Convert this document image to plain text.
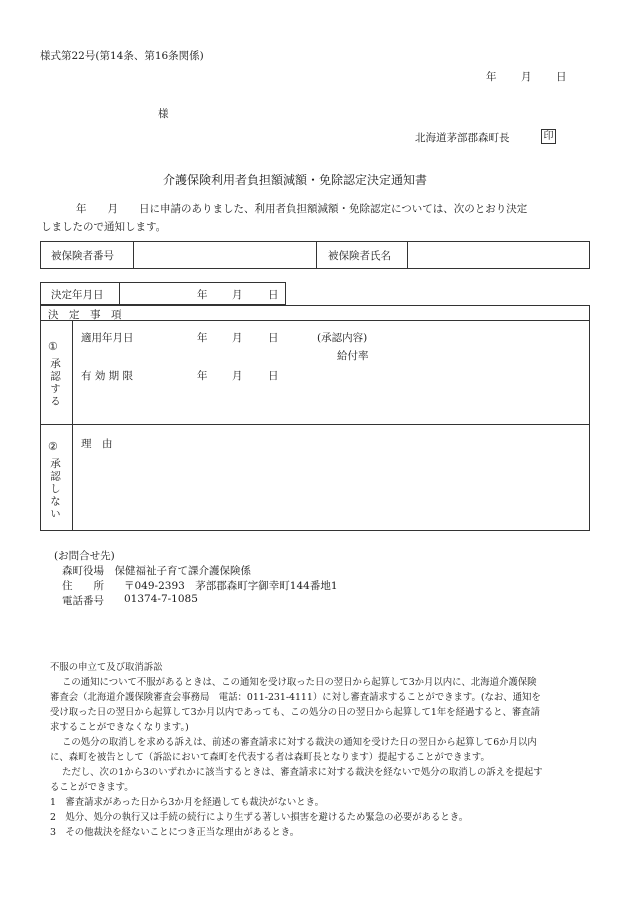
様式第22号(第14条、第16条関係)
年 月 日
様
北海道茅部郡森町長	印
介護保険利用者負担額減額・免除認定決定通知書
年　　月　　日に申請のありました、利用者負担額減額・免除認定については、次のとおり決定
しましたので通知します。
被保険者番号	被保険者氏名
決定年月日	年 月 日
決　定　事　項
①
承認する
適用年月日	年 月 日	(承認内容)
給付率
有 効 期 限	年 月 日
②
承認しない
理　由
(お問合せ先)
森町役場　保健福祉子育て課介護保険係
住　　所 〒049-2393　茅部郡森町字御幸町144番地1
電話番号 01374-7-1085
不服の申立て及び取消訴訟
この通知について不服があるときは、この通知を受け取った日の翌日から起算して3か月以内に、北海道介護保険
審査会（北海道介護保険審査会事務局　電話：011-231-4111）に対し審査請求することができます。(なお、通知を
受け取った日の翌日から起算して3か月以内であっても、この処分の日の翌日から起算して1年を経過すると、審査請
求することができなくなります。)
この処分の取消しを求める訴えは、前述の審査請求に対する裁決の通知を受けた日の翌日から起算して6か月以内
に、森町を被告として（訴訟において森町を代表する者は森町長となります）提起することができます。
ただし、次の1から3のいずれかに該当するときは、審査請求に対する裁決を経ないで処分の取消しの訴えを提起す
ることができます。
1　審査請求があった日から3か月を経過しても裁決がないとき。
2　処分、処分の執行又は手続の続行により生ずる著しい損害を避けるため緊急の必要があるとき。
3　その他裁決を経ないことにつき正当な理由があるとき。
